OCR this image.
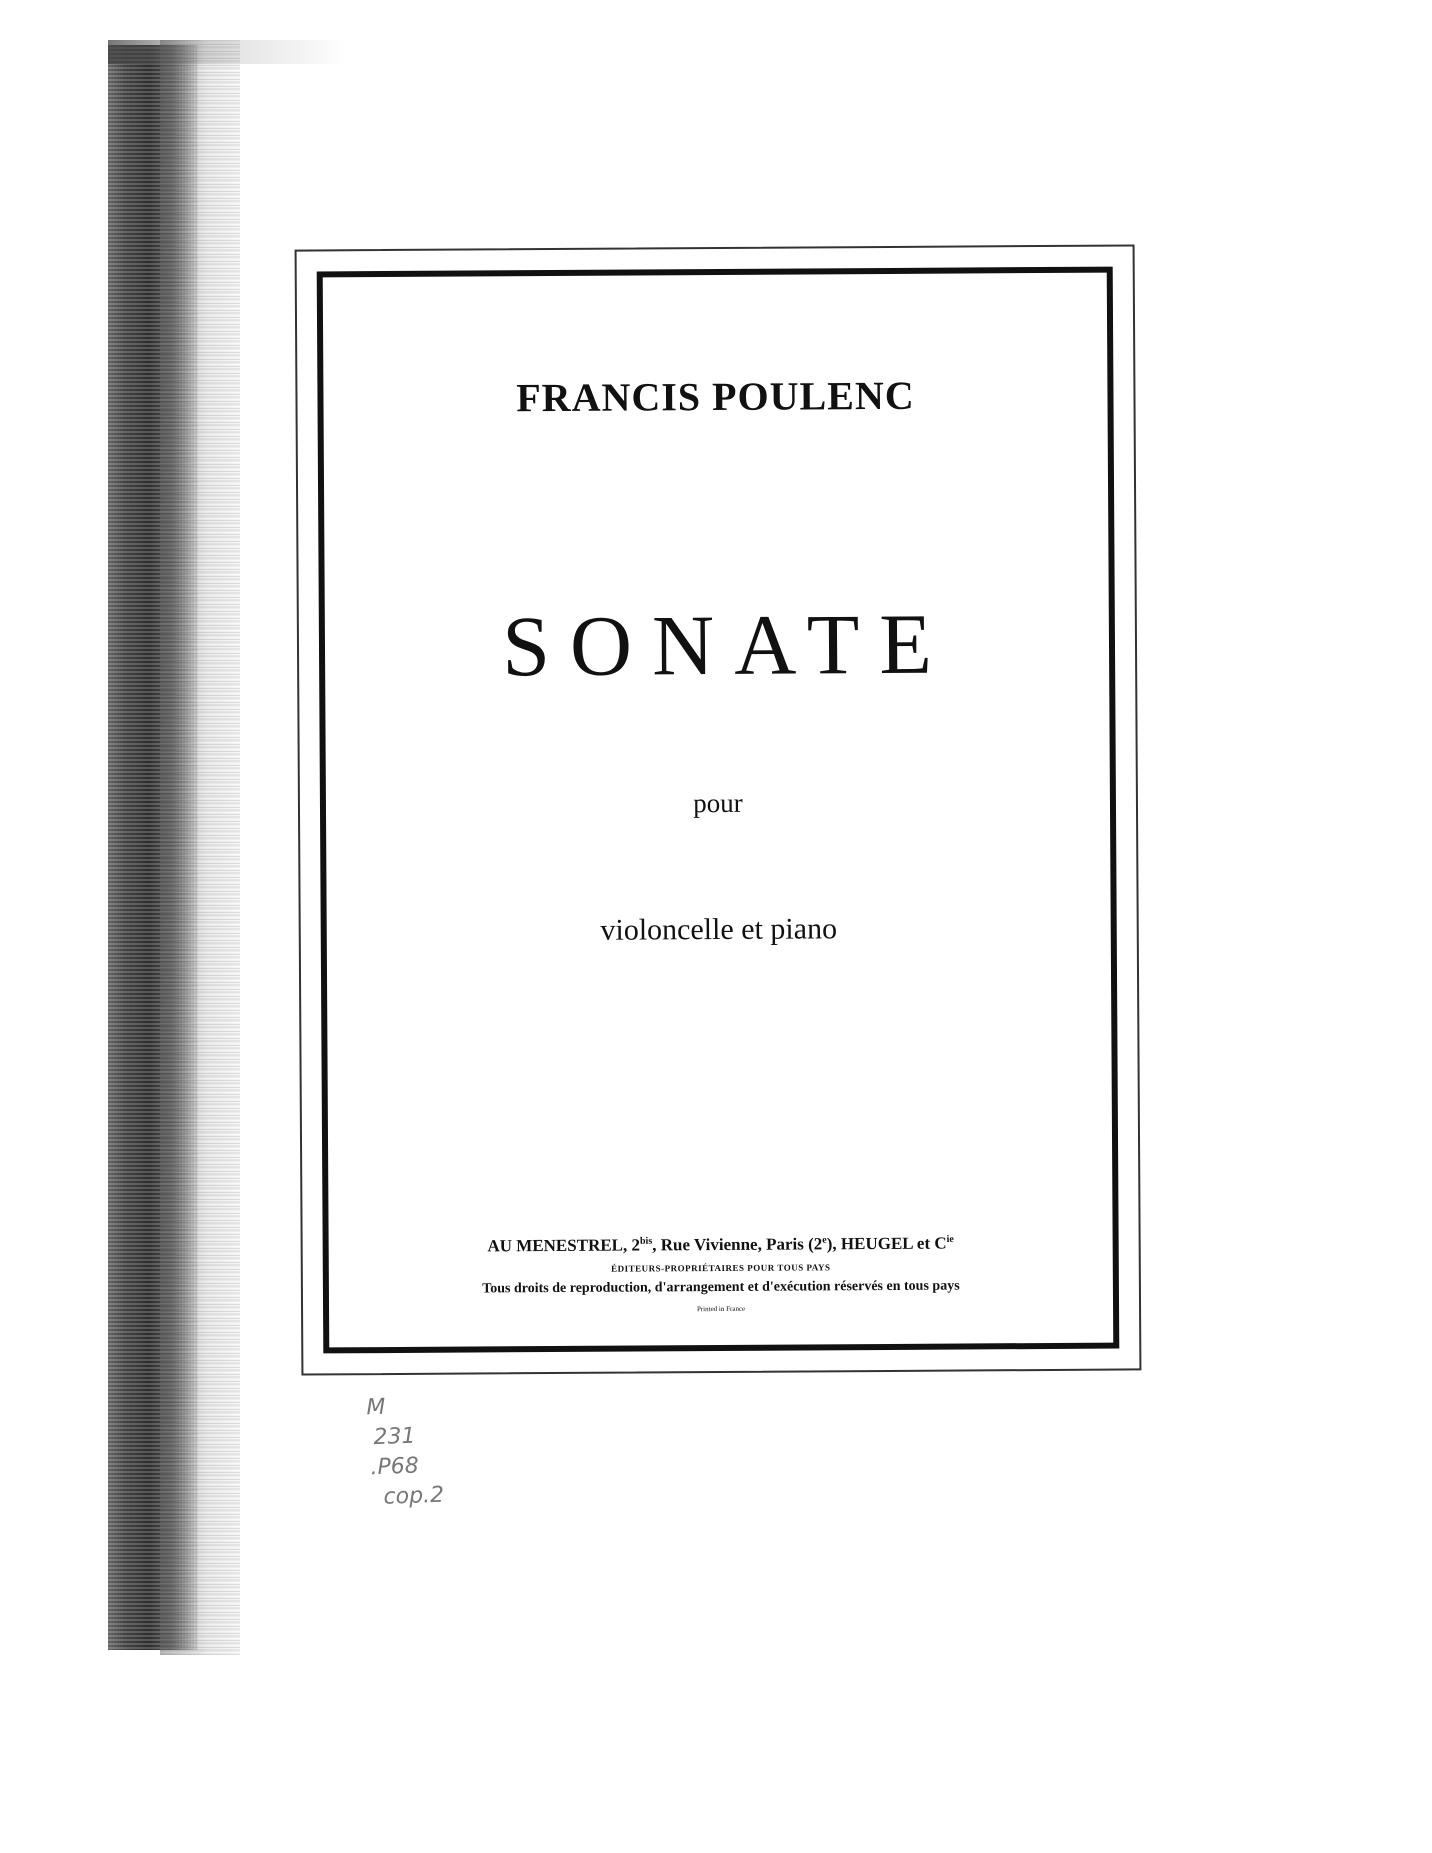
FRANCIS POULENC
SONATE
pour
violoncelle et piano
AU MENESTREL, $2^{bis}$, Rue Vivienne, Paris (2e), HEUGEL et $C^{ie}$
ÉDITEURS-PROPRIÉTAIRES POUR TOUS PAYS
Tous droits de reproduction, d'arrangement et d'exécution réservés en tous pays
Printed in France
M
231
.P68
cop.2
